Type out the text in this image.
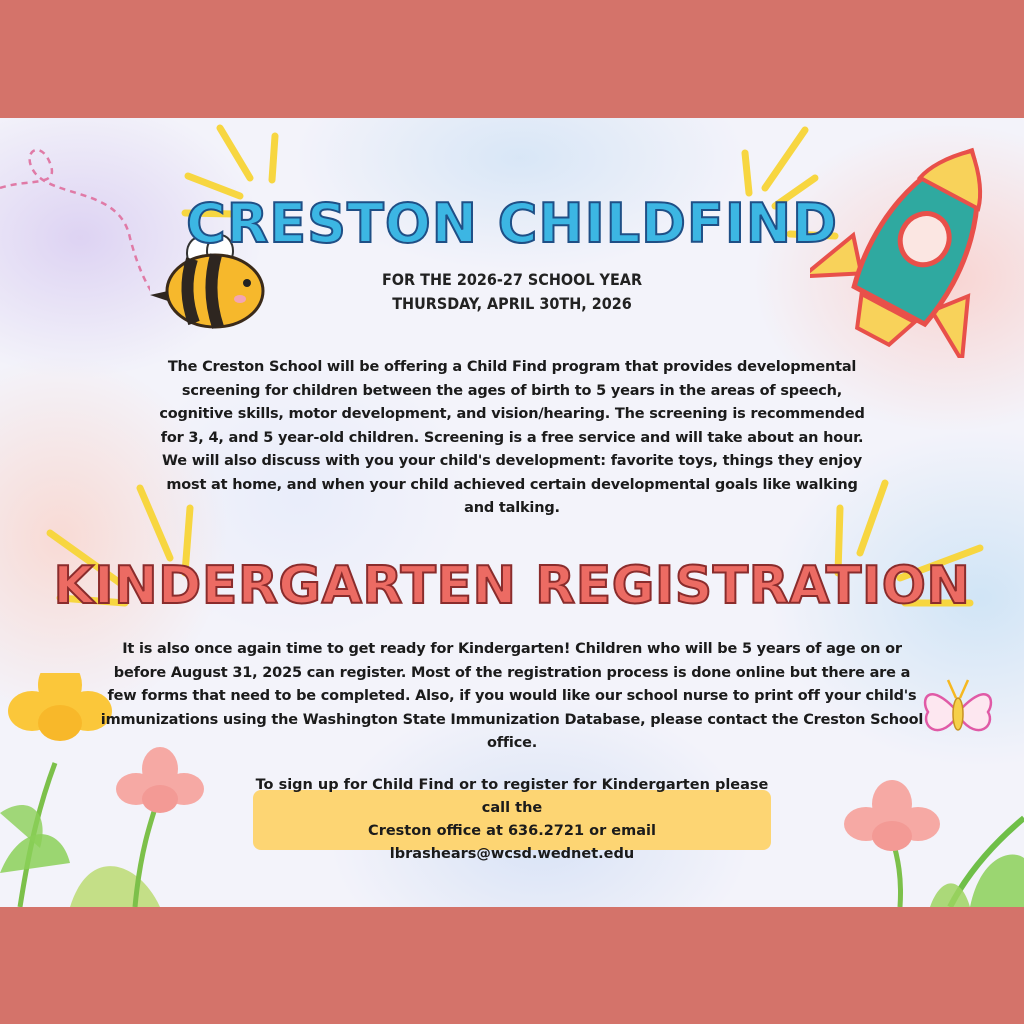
CRESTON CHILDFIND
FOR THE 2026-27 SCHOOL YEAR
THURSDAY, APRIL 30TH, 2026

The Creston School will be offering a Child Find program that provides developmental screening for children between the ages of birth to 5 years in the areas of speech, cognitive skills, motor development, and vision/hearing. The screening is recommended for 3, 4, and 5 year-old children. Screening is a free service and will take about an hour. We will also discuss with you your child's development: favorite toys, things they enjoy most at home, and when your child achieved certain developmental goals like walking and talking.

KINDERGARTEN REGISTRATION

It is also once again time to get ready for Kindergarten! Children who will be 5 years of age on or before August 31, 2025 can register. Most of the registration process is done online but there are a few forms that need to be completed. Also, if you would like our school nurse to print off your child's immunizations using the Washington State Immunization Database, please contact the Creston School office.

To sign up for Child Find or to register for Kindergarten please call the
Creston office at 636.2721 or email lbrashears@wcsd.wednet.edu
